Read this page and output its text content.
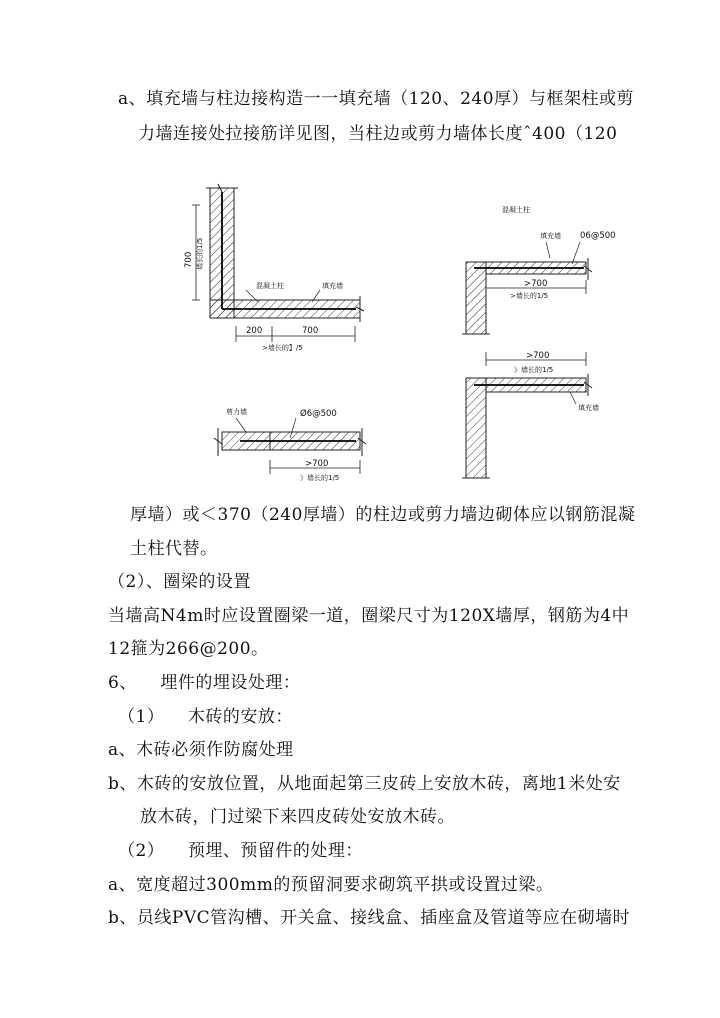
700 墙长的1/5
混凝土柱	填充墙
200	700
>墙长的】/5
剪力墙	Ø6@500
>700
》墙长的1/5
混凝土柱
填充墙 06@500
>700
>墙长的1/5
>700
》墙长的1/5
填充墙
a、填充墙与柱边接构造一一填充墙（120、240厚）与框架柱或剪
力墙连接处拉接筋详见图，当柱边或剪力墙体长度ˆ400（120
厚墙）或＜370（240厚墙）的柱边或剪力墙边砌体应以钢筋混凝
土柱代替。
（2）、圈梁的设置
当墙高N4m时应设置圈梁一道，圈梁尺寸为120X墙厚，钢筋为4中
12箍为266@200。
6、    埋件的埋设处理：
（1）    木砖的安放：
a、木砖必须作防腐处理
b、木砖的安放位置，从地面起第三皮砖上安放木砖，离地1米处安
放木砖，门过梁下来四皮砖处安放木砖。
（2）    预埋、预留件的处理：
a、宽度超过300mm的预留洞要求砌筑平拱或设置过梁。
b、员线PVC管沟槽、开关盒、接线盒、插座盒及管道等应在砌墙时
